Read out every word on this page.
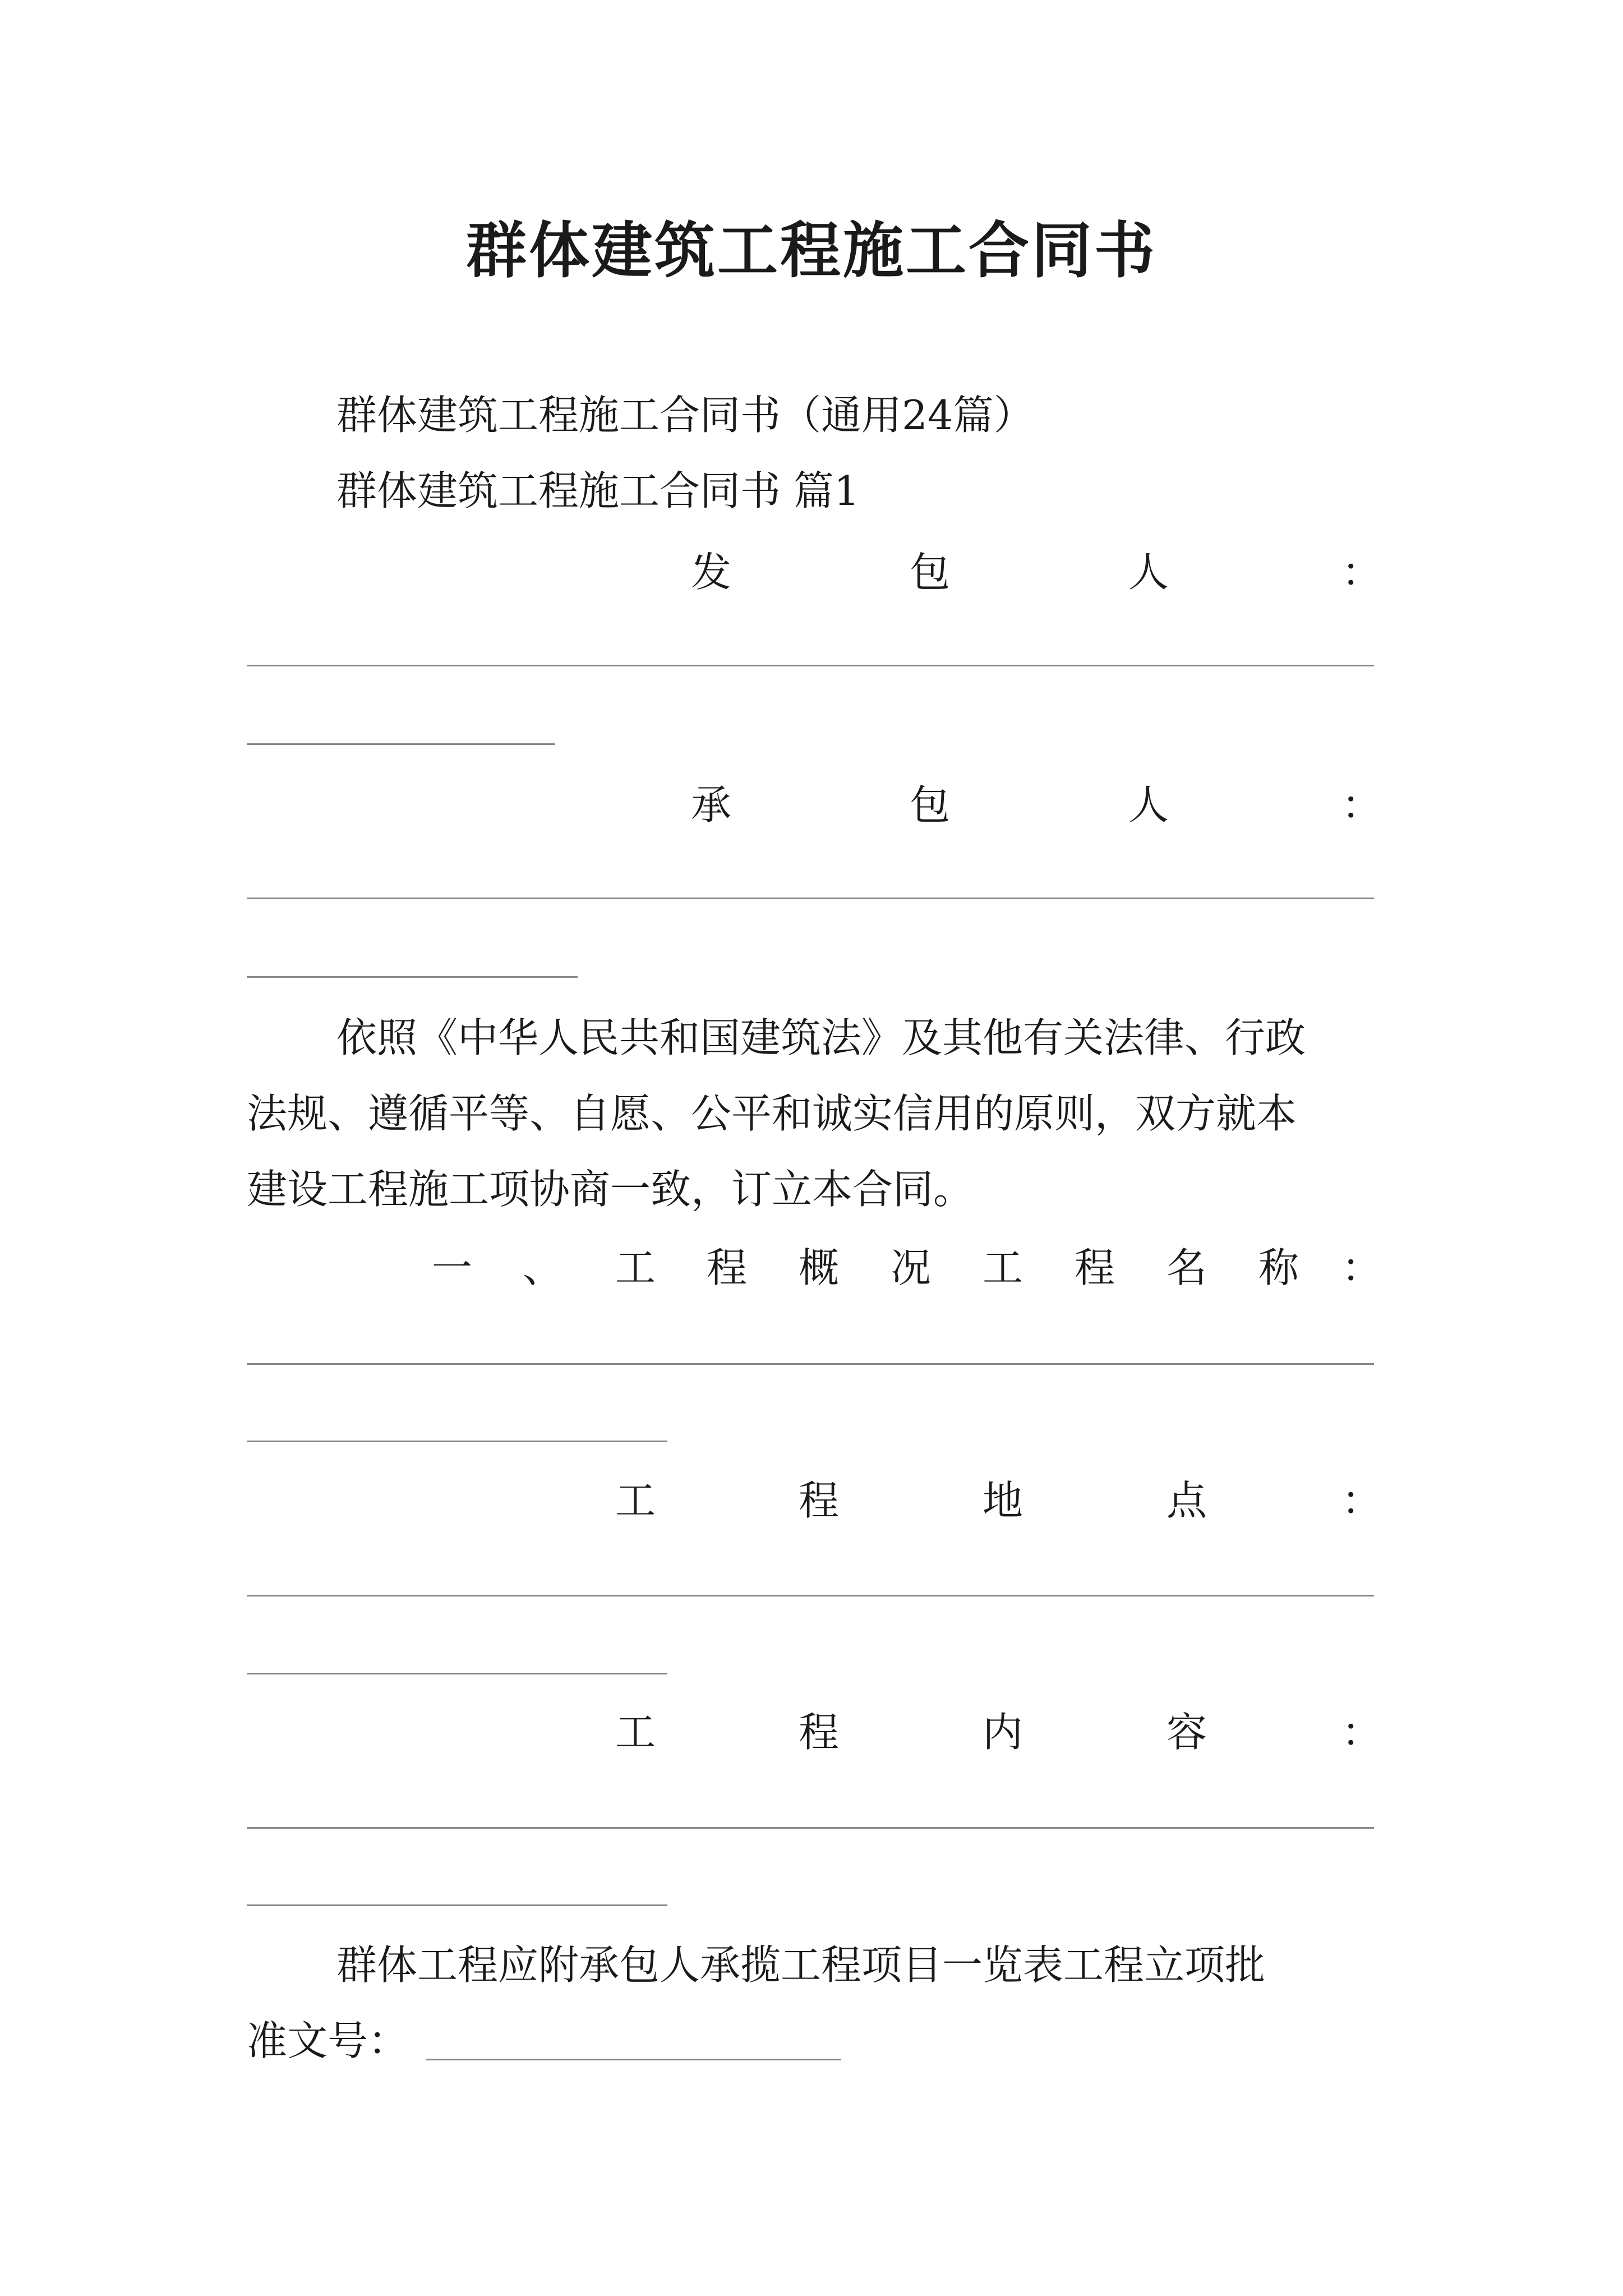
群体建筑工程施工合同书
群体建筑工程施工合同书（通用24篇）
群体建筑工程施工合同书 篇1
发	包	人	：
承	包	人	：
依照《中华人民共和国建筑法》及其他有关法律、行政
法规、遵循平等、自愿、公平和诚实信用的原则，双方就本
建设工程施工项协商一致，订立本合同。
一 、 工 程 概 况 工 程 名 称 ：
工	程	地	点	：
工	程	内	容	：
群体工程应附承包人承揽工程项目一览表工程立项批
准文号：
